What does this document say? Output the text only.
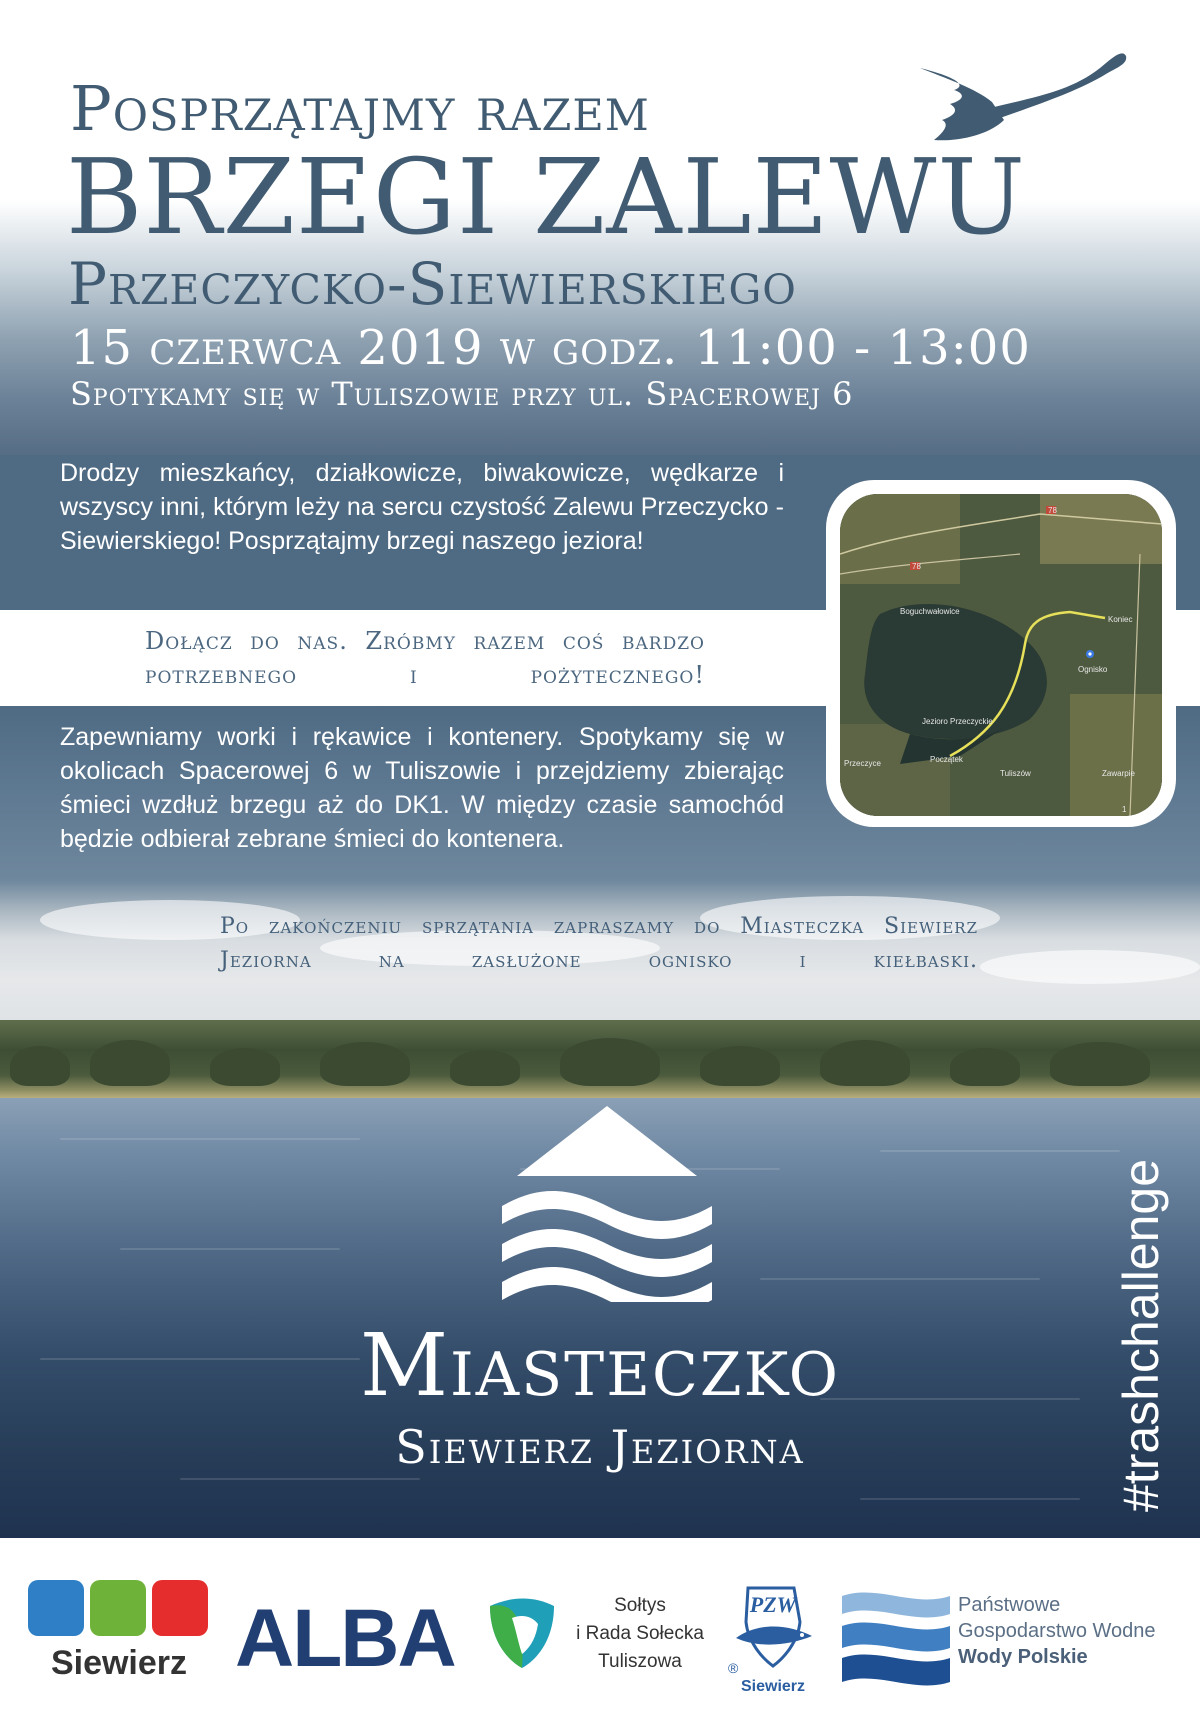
Posprzątajmy razem
BRZEGI ZALEWU
Przeczycko-Siewierskiego

15 czerwca 2019 w godz. 11:00 - 13:00

Spotykamy się w Tuliszowie przy ul. Spacerowej 6

Drodzy mieszkańcy, działkowicze, biwakowicze, wędkarze i wszyscy inni, którym leży na sercu czystość Zalewu Przeczycko - Siewierskiego! Posprzątajmy brzegi naszego jeziora!

Dołącz do nas. Zróbmy razem coś bardzo potrzebnego i pożytecznego!

Zapewniamy worki i rękawice i kontenery. Spotykamy się w okolicach Spacerowej 6 w Tuliszowie i przejdziemy zbierając śmieci wzdłuż brzegu aż do DK1. W między czasie samochód będzie odbierał zebrane śmieci do kontenera.

Po zakończeniu sprzątania zapraszamy do Miasteczka Siewierz Jeziorna na zasłużone ognisko i kiełbaski.

Boguchwałowice
Jezioro Przeczyckie
Tuliszów
Przeczyce
Zawarpie
Ognisko
Koniec
Początek
78
78
1

Miasteczko

Siewierz Jeziorna	#trashchallenge

Siewierz ALBA	Sołtys
i Rada Sołecka
Tuliszowa
PZW
®
Siewierz
Państwowe
Gospodarstwo Wodne
Wody Polskie
